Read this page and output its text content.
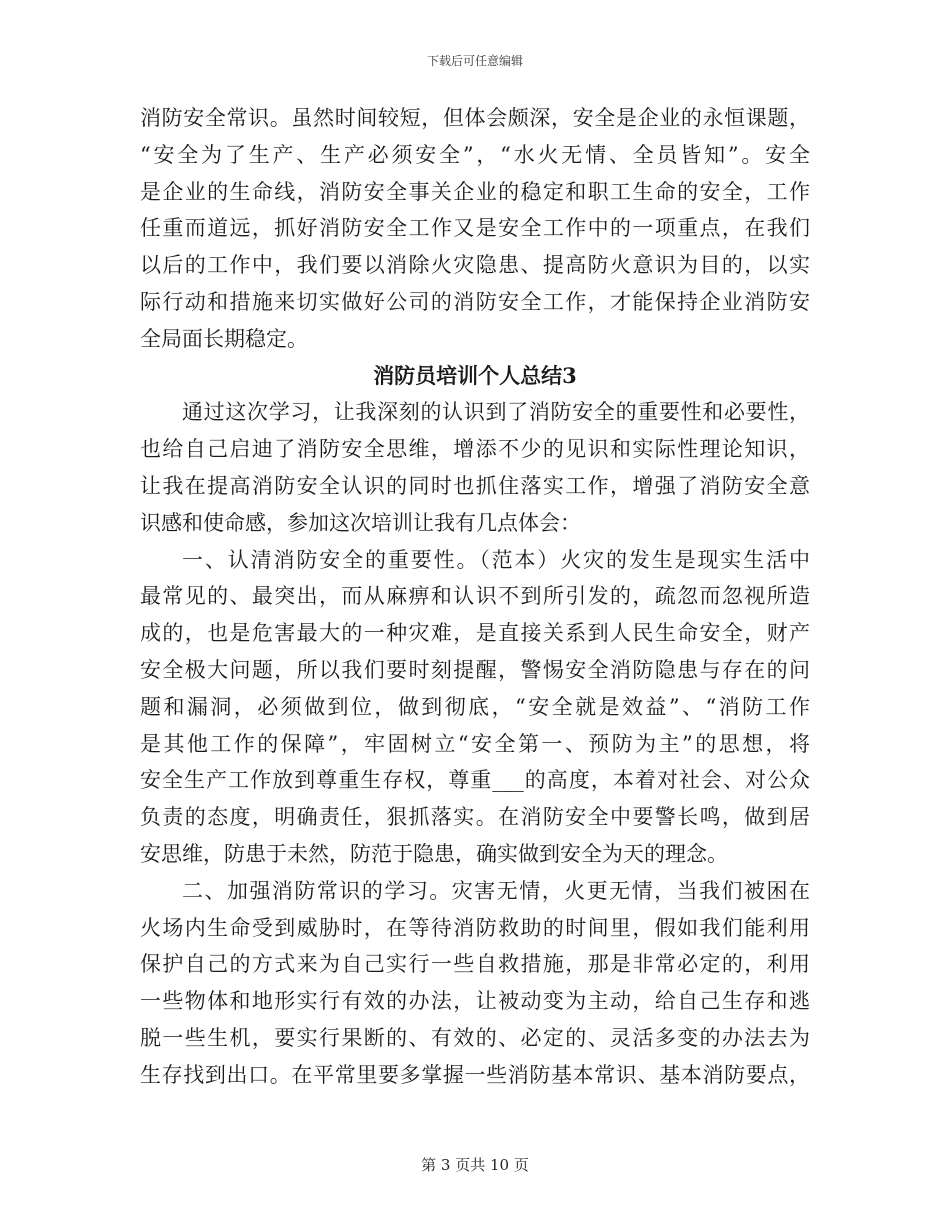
下载后可任意编辑
消防安全常识。虽然时间较短，但体会颇深，安全是企业的永恒课题，
“安全为了生产、生产必须安全”，“水火无情、全员皆知”。安全
是企业的生命线，消防安全事关企业的稳定和职工生命的安全，工作
任重而道远，抓好消防安全工作又是安全工作中的一项重点，在我们
以后的工作中，我们要以消除火灾隐患、提高防火意识为目的，以实
际行动和措施来切实做好公司的消防安全工作，才能保持企业消防安
全局面长期稳定。
消防员培训个人总结3
通过这次学习，让我深刻的认识到了消防安全的重要性和必要性，
也给自己启迪了消防安全思维，增添不少的见识和实际性理论知识，
让我在提高消防安全认识的同时也抓住落实工作，增强了消防安全意
识感和使命感，参加这次培训让我有几点体会：
一、认清消防安全的重要性。（范本）火灾的发生是现实生活中
最常见的、最突出，而从麻痹和认识不到所引发的，疏忽而忽视所造
成的，也是危害最大的一种灾难，是直接关系到人民生命安全，财产
安全极大问题，所以我们要时刻提醒，警惕安全消防隐患与存在的问
题和漏洞，必须做到位，做到彻底，“安全就是效益”、“消防工作
是其他工作的保障”，牢固树立“安全第一、预防为主”的思想，将
安全生产工作放到尊重生存权，尊重___的高度，本着对社会、对公众
负责的态度，明确责任，狠抓落实。在消防安全中要警长鸣，做到居
安思维，防患于未然，防范于隐患，确实做到安全为天的理念。
二、加强消防常识的学习。灾害无情，火更无情，当我们被困在
火场内生命受到威胁时，在等待消防救助的时间里，假如我们能利用
保护自己的方式来为自己实行一些自救措施，那是非常必定的，利用
一些物体和地形实行有效的办法，让被动变为主动，给自己生存和逃
脱一些生机，要实行果断的、有效的、必定的、灵活多变的办法去为
生存找到出口。在平常里要多掌握一些消防基本常识、基本消防要点，
第 3 页共 10 页
